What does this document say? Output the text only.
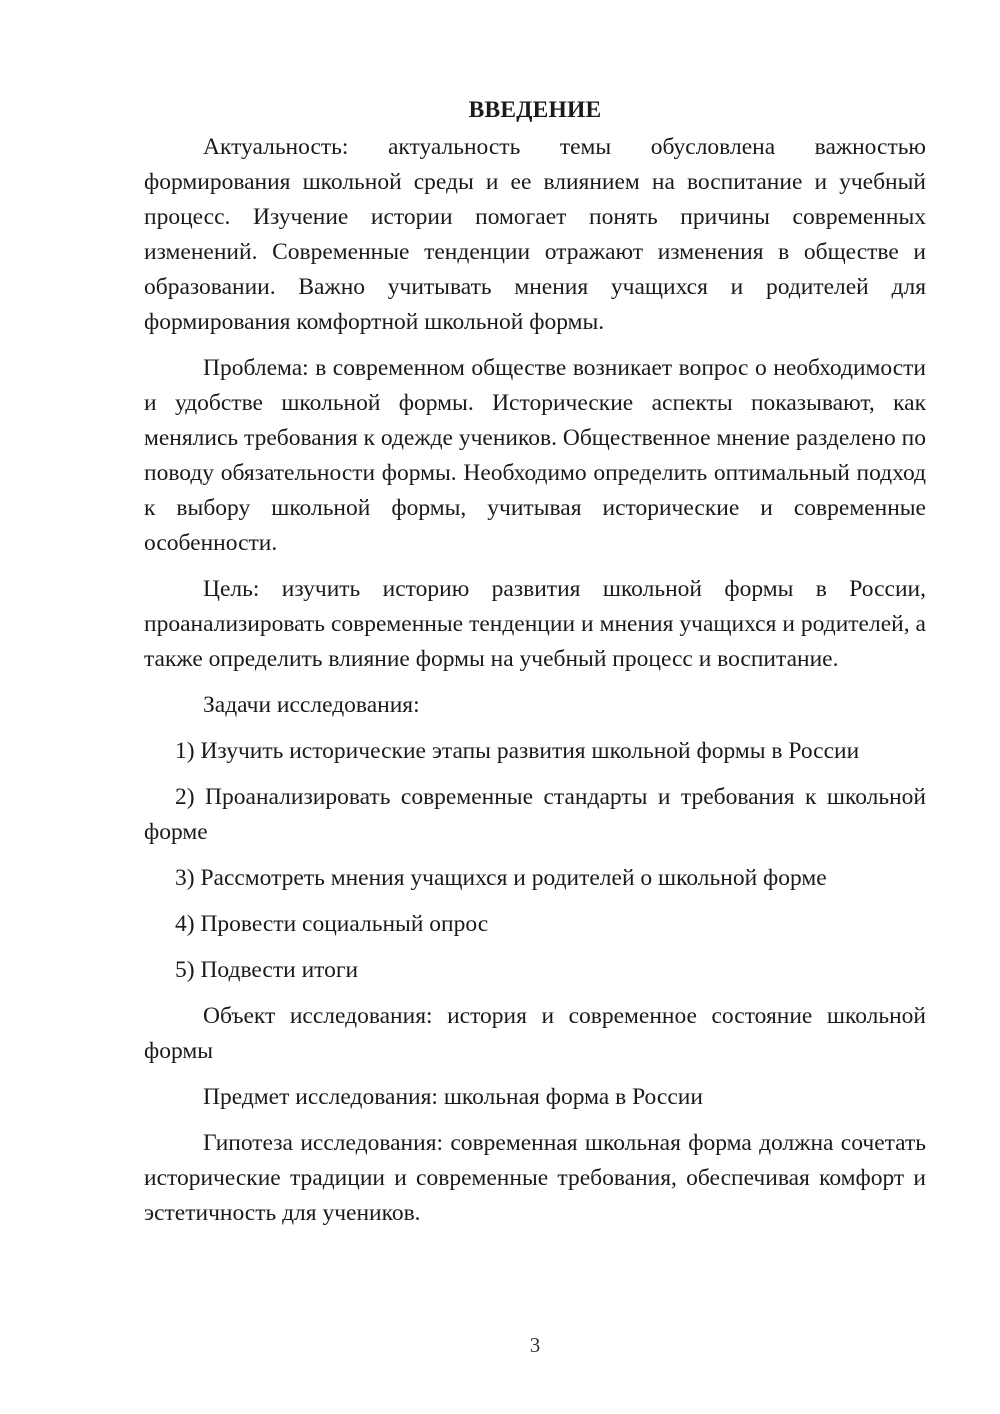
ВВЕДЕНИЕ

Актуальность: актуальность темы обусловлена важностью формирования школьной среды и ее влиянием на воспитание и учебный процесс. Изучение истории помогает понять причины современных изменений. Современные тенденции отражают изменения в обществе и образовании. Важно учитывать мнения учащихся и родителей для формирования комфортной школьной формы.

Проблема: в современном обществе возникает вопрос о необходимости и удобстве школьной формы. Исторические аспекты показывают, как менялись требования к одежде учеников. Общественное мнение разделено по поводу обязательности формы. Необходимо определить оптимальный подход к выбору школьной формы, учитывая исторические и современные особенности.

Цель: изучить историю развития школьной формы в России, проанализировать современные тенденции и мнения учащихся и родителей, а также определить влияние формы на учебный процесс и воспитание.

Задачи исследования:

1) Изучить исторические этапы развития школьной формы в России

2) Проанализировать современные стандарты и требования к школьной форме

3) Рассмотреть мнения учащихся и родителей о школьной форме

4) Провести социальный опрос

5) Подвести итоги

Объект исследования: история и современное состояние школьной формы

Предмет исследования: школьная форма в России

Гипотеза исследования: современная школьная форма должна сочетать исторические традиции и современные требования, обеспечивая комфорт и эстетичность для учеников.

3
